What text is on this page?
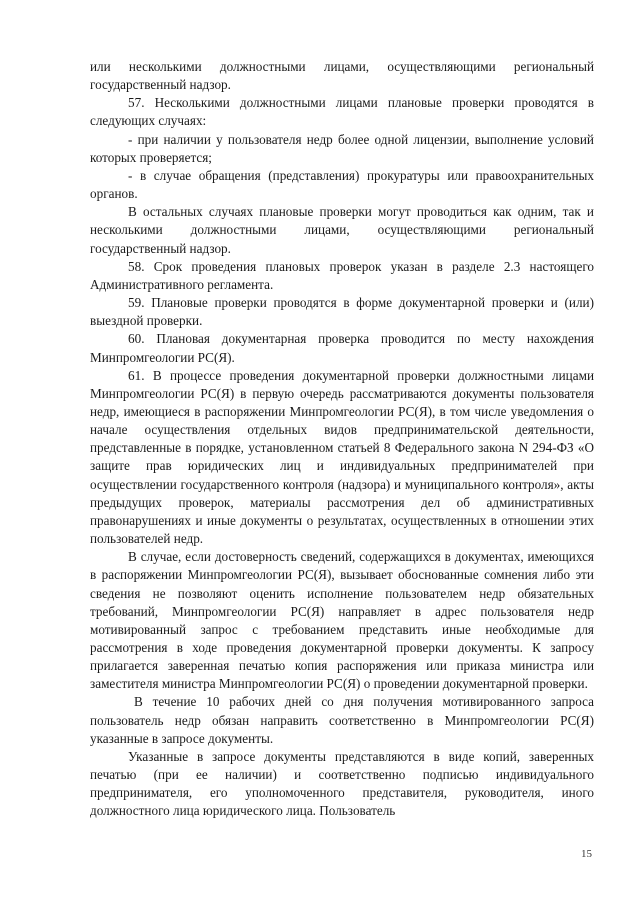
или несколькими должностными лицами, осуществляющими региональный государственный надзор.

57. Несколькими должностными лицами плановые проверки проводятся в следующих случаях:

- при наличии у пользователя недр более одной лицензии, выполнение условий которых проверяется;

- в случае обращения (представления) прокуратуры или правоохранительных органов.

В остальных случаях плановые проверки могут проводиться как одним, так и несколькими должностными лицами, осуществляющими региональный государственный надзор.

58. Срок проведения плановых проверок указан в разделе 2.3 настоящего Административного регламента.

59. Плановые проверки проводятся в форме документарной проверки и (или) выездной проверки.

60. Плановая документарная проверка проводится по месту нахождения Минпромгеологии РС(Я).

61. В процессе проведения документарной проверки должностными лицами Минпромгеологии РС(Я) в первую очередь рассматриваются документы пользователя недр, имеющиеся в распоряжении Минпромгеологии РС(Я), в том числе уведомления о начале осуществления отдельных видов предпринимательской деятельности, представленные в порядке, установленном статьей 8 Федерального закона N 294-ФЗ «О защите прав юридических лиц и индивидуальных предпринимателей при осуществлении государственного контроля (надзора) и муниципального контроля», акты предыдущих проверок, материалы рассмотрения дел об административных правонарушениях и иные документы о результатах, осуществленных в отношении этих пользователей недр.

В случае, если достоверность сведений, содержащихся в документах, имеющихся в распоряжении Минпромгеологии РС(Я), вызывает обоснованные сомнения либо эти сведения не позволяют оценить исполнение пользователем недр обязательных требований, Минпромгеологии РС(Я) направляет в адрес пользователя недр мотивированный запрос с требованием представить иные необходимые для рассмотрения в ходе проведения документарной проверки документы. К запросу прилагается заверенная печатью копия распоряжения или приказа министра или заместителя министра Минпромгеологии РС(Я) о проведении документарной проверки.

В течение 10 рабочих дней со дня получения мотивированного запроса пользователь недр обязан направить соответственно в Минпромгеологии РС(Я) указанные в запросе документы.

Указанные в запросе документы представляются в виде копий, заверенных печатью (при ее наличии) и соответственно подписью индивидуального предпринимателя, его уполномоченного представителя, руководителя, иного должностного лица юридического лица. Пользователь

15
